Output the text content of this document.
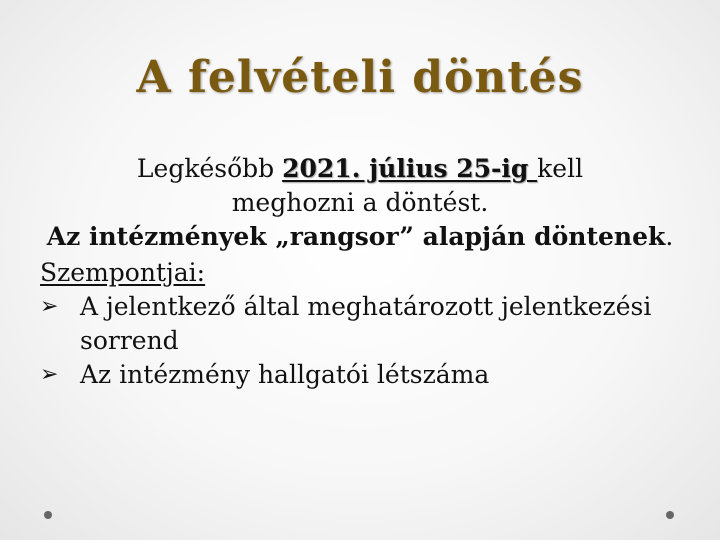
A felvételi döntés
Legkésőbb 2021. július 25-ig kell
meghozni a döntést.
Az intézmények „rangsor” alapján döntenek.
Szempontjai:
➢ A jelentkező által meghatározott jelentkezési sorrend
➢ Az intézmény hallgatói létszáma
